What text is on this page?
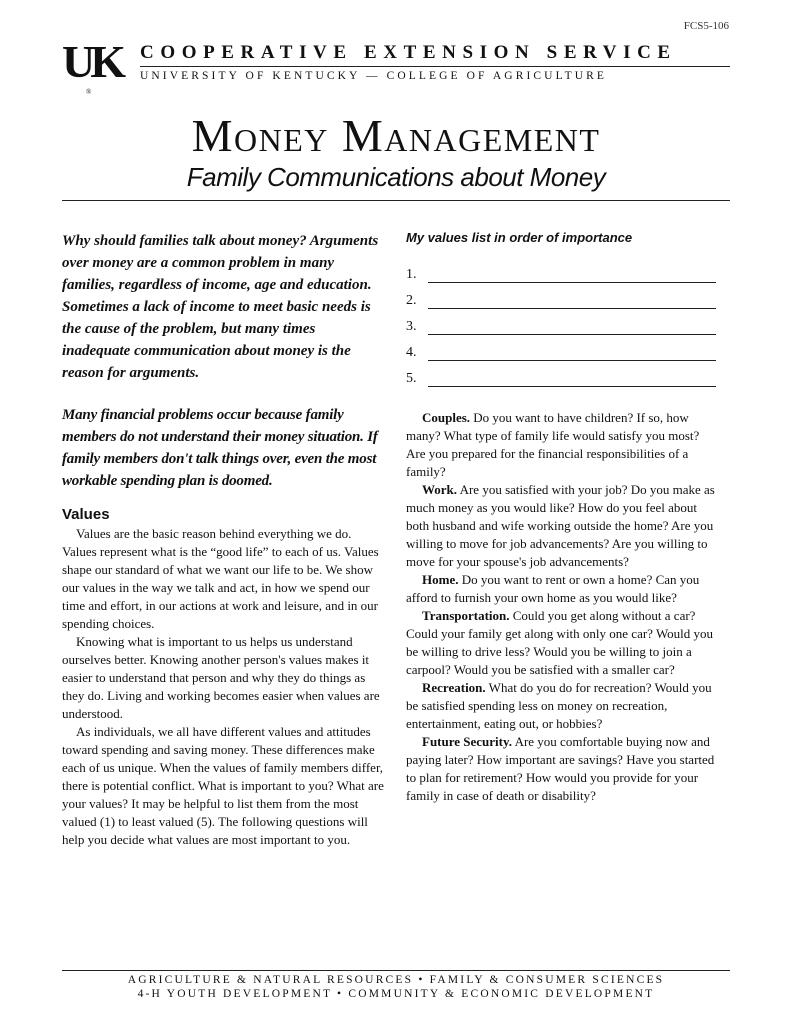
FCS5-106
UK
®
COOPERATIVE EXTENSION SERVICE
UNIVERSITY OF KENTUCKY — COLLEGE OF AGRICULTURE
Money Management
Family Communications about Money

Why should families talk about money? Arguments over money are a common problem in many families, regardless of income, age and education. Sometimes a lack of income to meet basic needs is the cause of the problem, but many times inadequate communication about money is the reason for arguments.

Many financial problems occur because family members do not understand their money situation. If family members don't talk things over, even the most workable spending plan is doomed.

Values

Values are the basic reason behind everything we do. Values represent what is the “good life” to each of us. Values shape our standard of what we want our life to be. We show our values in the way we talk and act, in how we spend our time and effort, in our actions at work and leisure, and in our spending choices.

Knowing what is important to us helps us understand ourselves better. Knowing another person's values makes it easier to understand that person and why they do things as they do. Living and working becomes easier when values are understood.

As individuals, we all have different values and attitudes toward spending and saving money. These differences make each of us unique. When the values of family members differ, there is potential conflict. What is important to you? What are your values? It may be helpful to list them from the most valued (1) to least valued (5). The following questions will help you decide what values are most important to you.

My values list in order of importance
1.
2.
3.
4.
5.

Couples. Do you want to have children? If so, how many? What type of family life would satisfy you most? Are you prepared for the financial responsibilities of a family?

Work. Are you satisfied with your job? Do you make as much money as you would like? How do you feel about both husband and wife working outside the home? Are you willing to move for job advancements? Are you willing to move for your spouse's job advancements?

Home. Do you want to rent or own a home? Can you afford to furnish your own home as you would like?

Transportation. Could you get along without a car? Could your family get along with only one car? Would you be willing to drive less? Would you be willing to join a carpool? Would you be satisfied with a smaller car?

Recreation. What do you do for recreation? Would you be satisfied spending less on money on recreation, entertainment, eating out, or hobbies?

Future Security. Are you comfortable buying now and paying later? How important are savings? Have you started to plan for retirement? How would you provide for your family in case of death or disability?

AGRICULTURE & NATURAL RESOURCES • FAMILY & CONSUMER SCIENCES
4-H YOUTH DEVELOPMENT • COMMUNITY & ECONOMIC DEVELOPMENT
